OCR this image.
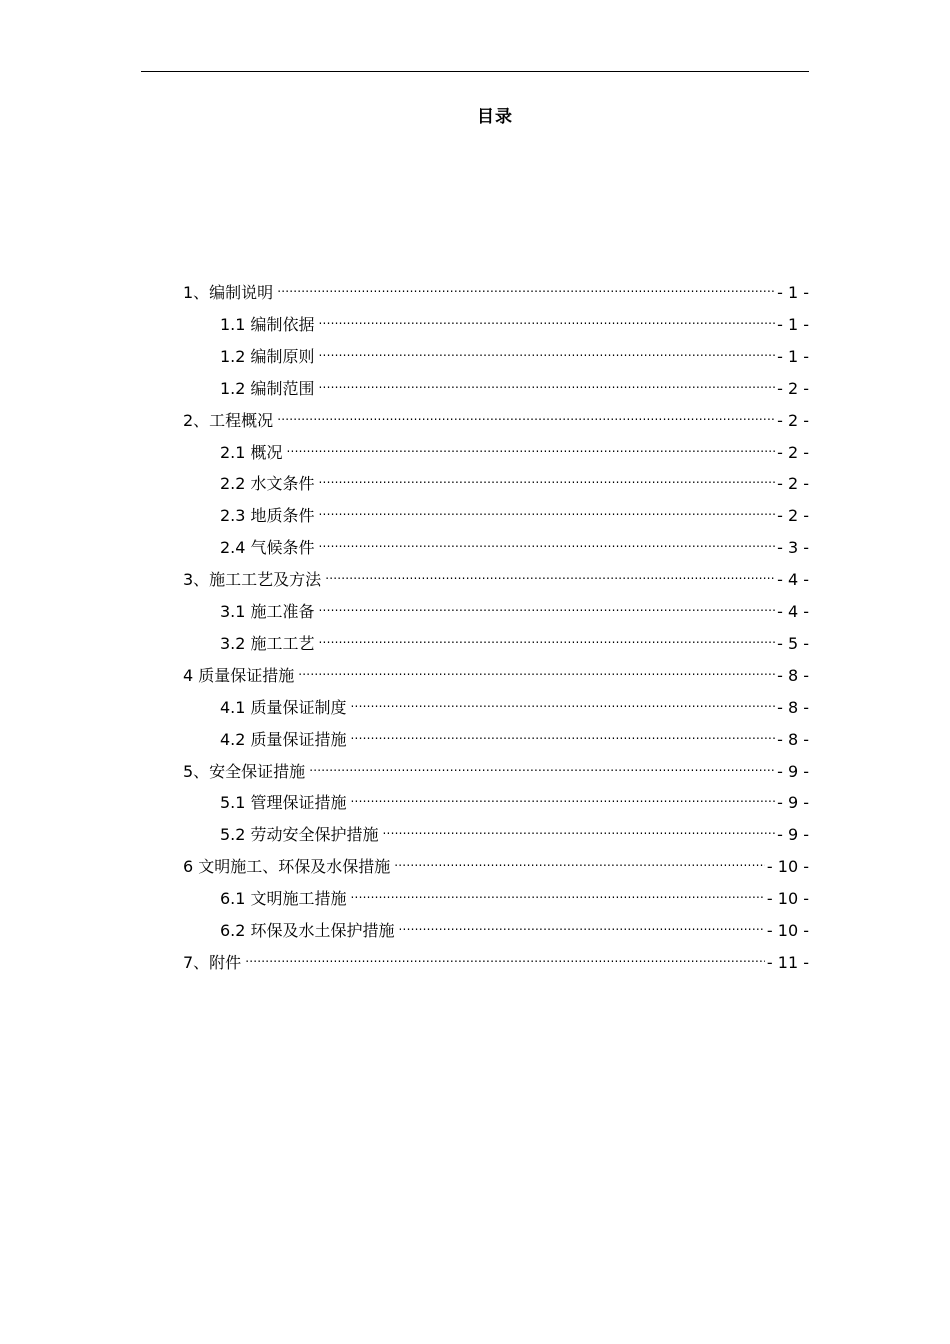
目录
1、编制说明 .....	- 1 -
1.1 编制依据 .....	- 1 -
1.2 编制原则 .....	- 1 -
1.2 编制范围 .....	- 2 -
2、工程概况 .....	- 2 -
2.1 概况 .....	- 2 -
2.2 水文条件 .....	- 2 -
2.3 地质条件 .....	- 2 -
2.4 气候条件 .....	- 3 -
3、施工工艺及方法 .....	- 4 -
3.1 施工准备 .....	- 4 -
3.2 施工工艺 .....	- 5 -
4 质量保证措施 .....	- 8 -
4.1 质量保证制度 .....	- 8 -
4.2 质量保证措施 .....	- 8 -
5、安全保证措施 .....	- 9 -
5.1 管理保证措施 .....	- 9 -
5.2 劳动安全保护措施 .....	- 9 -
6 文明施工、环保及水保措施 .....	- 10 -
6.1 文明施工措施 .....	- 10 -
6.2 环保及水土保护措施 .....	- 10 -
7、附件 .....	- 11 -
